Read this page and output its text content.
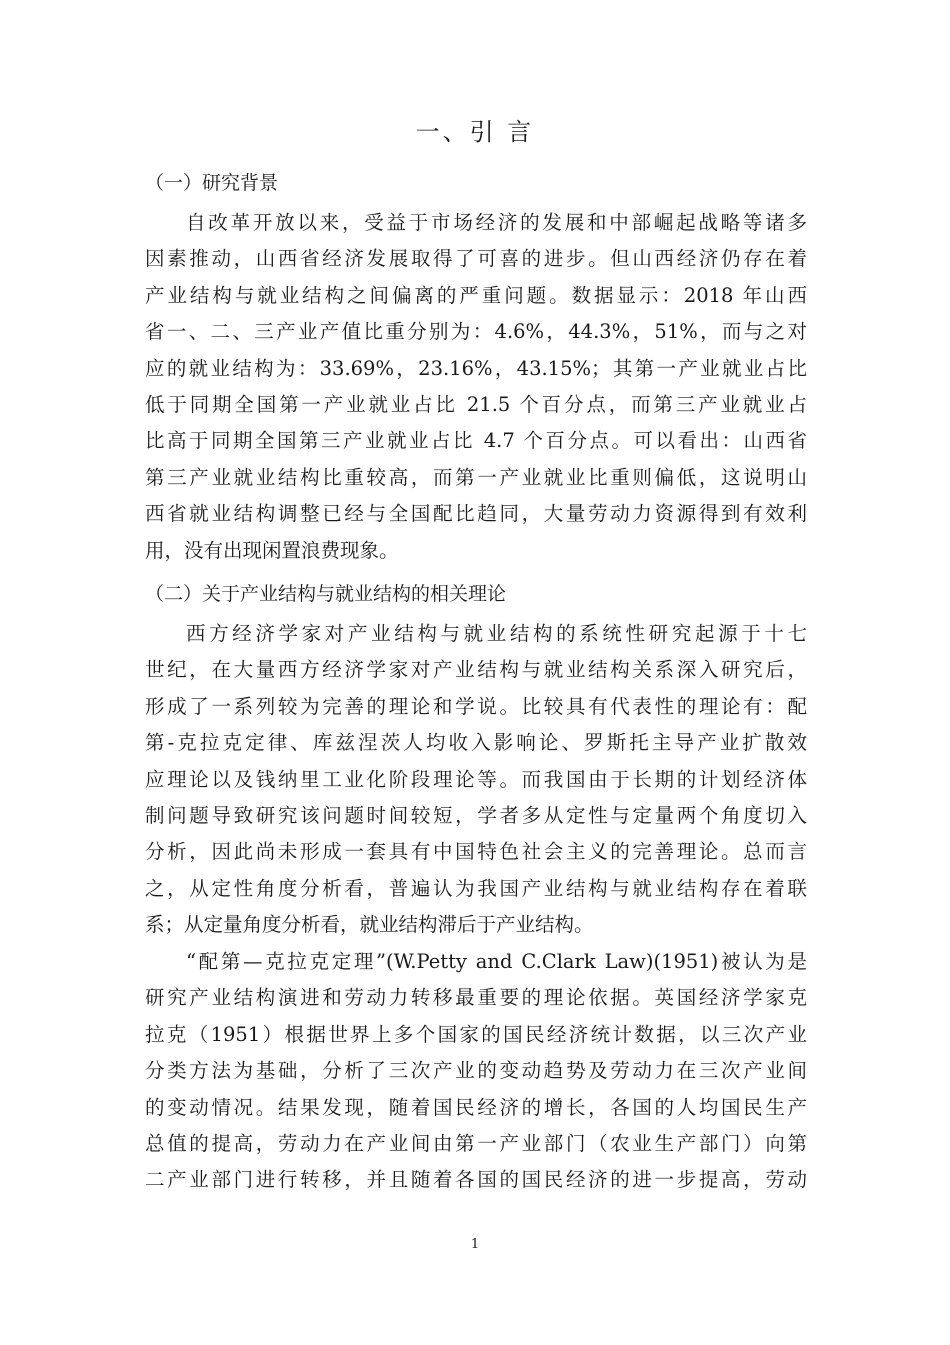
一、引 言
（一）研究背景
自改革开放以来，受益于市场经济的发展和中部崛起战略等诸多
因素推动，山西省经济发展取得了可喜的进步。但山西经济仍存在着
产业结构与就业结构之间偏离的严重问题。数据显示：2018 年山西
省一、二、三产业产值比重分别为：4.6%，44.3%，51%，而与之对
应的就业结构为：33.69%，23.16%，43.15%；其第一产业就业占比
低于同期全国第一产业就业占比 21.5 个百分点，而第三产业就业占
比高于同期全国第三产业就业占比 4.7 个百分点。可以看出：山西省
第三产业就业结构比重较高，而第一产业就业比重则偏低，这说明山
西省就业结构调整已经与全国配比趋同，大量劳动力资源得到有效利
用，没有出现闲置浪费现象。
（二）关于产业结构与就业结构的相关理论
西方经济学家对产业结构与就业结构的系统性研究起源于十七
世纪，在大量西方经济学家对产业结构与就业结构关系深入研究后，
形成了一系列较为完善的理论和学说。比较具有代表性的理论有：配
第-克拉克定律、库兹涅茨人均收入影响论、罗斯托主导产业扩散效
应理论以及钱纳里工业化阶段理论等。而我国由于长期的计划经济体
制问题导致研究该问题时间较短，学者多从定性与定量两个角度切入
分析，因此尚未形成一套具有中国特色社会主义的完善理论。总而言
之，从定性角度分析看，普遍认为我国产业结构与就业结构存在着联
系；从定量角度分析看，就业结构滞后于产业结构。
“配第—克拉克定理”(W.Petty and C.Clark Law)(1951)被认为是
研究产业结构演进和劳动力转移最重要的理论依据。英国经济学家克
拉克（1951）根据世界上多个国家的国民经济统计数据，以三次产业
分类方法为基础，分析了三次产业的变动趋势及劳动力在三次产业间
的变动情况。结果发现，随着国民经济的增长，各国的人均国民生产
总值的提高，劳动力在产业间由第一产业部门（农业生产部门）向第
二产业部门进行转移，并且随着各国的国民经济的进一步提高，劳动
1
